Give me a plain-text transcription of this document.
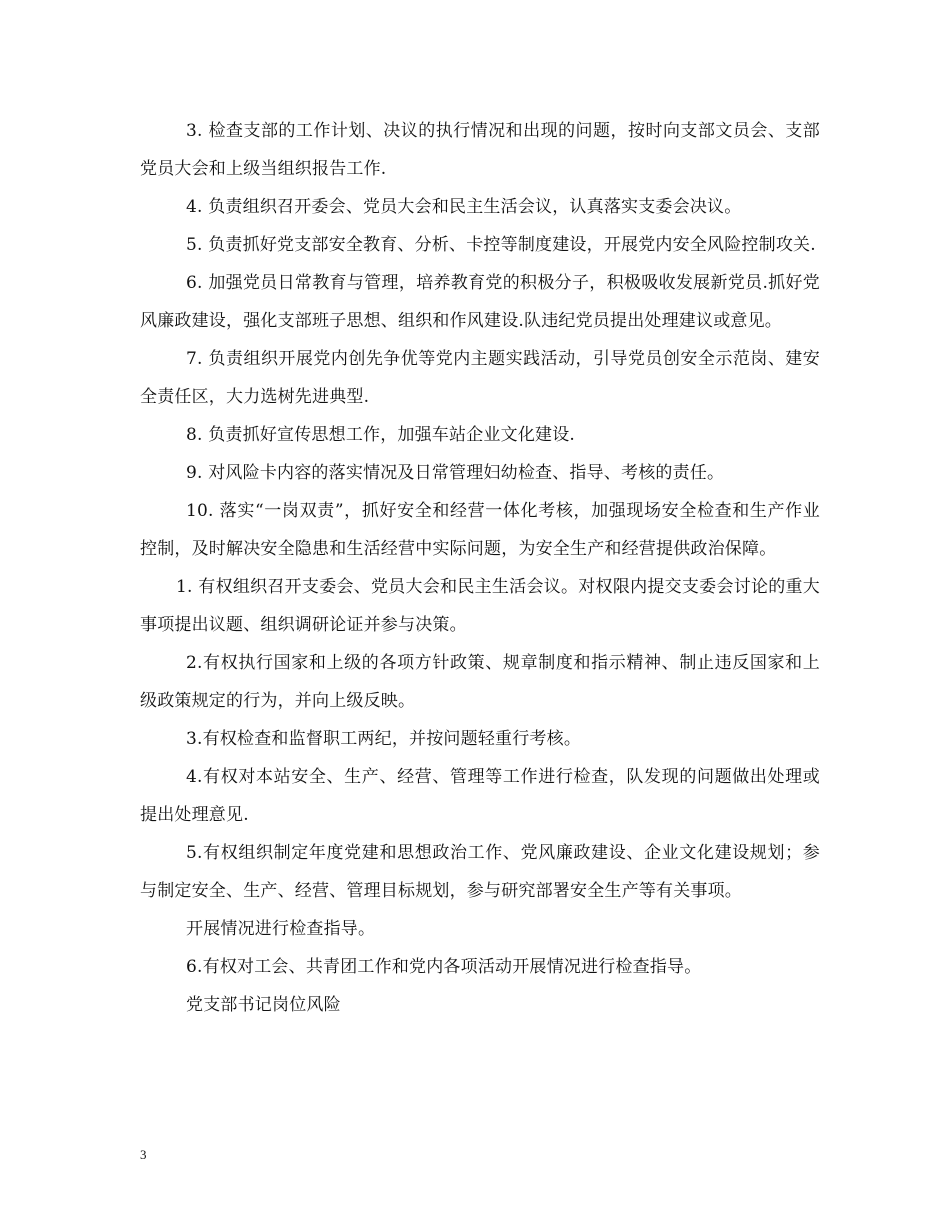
3. 检查支部的工作计划、决议的执行情况和出现的问题，按时向支部文员会、支部党员大会和上级当组织报告工作.

4. 负责组织召开委会、党员大会和民主生活会议，认真落实支委会决议。

5. 负责抓好党支部安全教育、分析、卡控等制度建设，开展党内安全风险控制攻关.

6. 加强党员日常教育与管理，培养教育党的积极分子，积极吸收发展新党员.抓好党风廉政建设，强化支部班子思想、组织和作风建设.队违纪党员提出处理建议或意见。

7. 负责组织开展党内创先争优等党内主题实践活动，引导党员创安全示范岗、建安全责任区，大力选树先进典型.

8. 负责抓好宣传思想工作，加强车站企业文化建设.

9. 对风险卡内容的落实情况及日常管理妇幼检查、指导、考核的责任。

10. 落实“一岗双责”，抓好安全和经营一体化考核，加强现场安全检查和生产作业控制，及时解决安全隐患和生活经营中实际问题，为安全生产和经营提供政治保障。

1. 有权组织召开支委会、党员大会和民主生活会议。对权限内提交支委会讨论的重大事项提出议题、组织调研论证并参与决策。

2.有权执行国家和上级的各项方针政策、规章制度和指示精神、制止违反国家和上级政策规定的行为，并向上级反映。

3.有权检查和监督职工两纪，并按问题轻重行考核。

4.有权对本站安全、生产、经营、管理等工作进行检查，队发现的问题做出处理或提出处理意见.

5.有权组织制定年度党建和思想政治工作、党风廉政建设、企业文化建设规划；参与制定安全、生产、经营、管理目标规划，参与研究部署安全生产等有关事项。

开展情况进行检查指导。

6.有权对工会、共青团工作和党内各项活动开展情况进行检查指导。

党支部书记岗位风险

3
